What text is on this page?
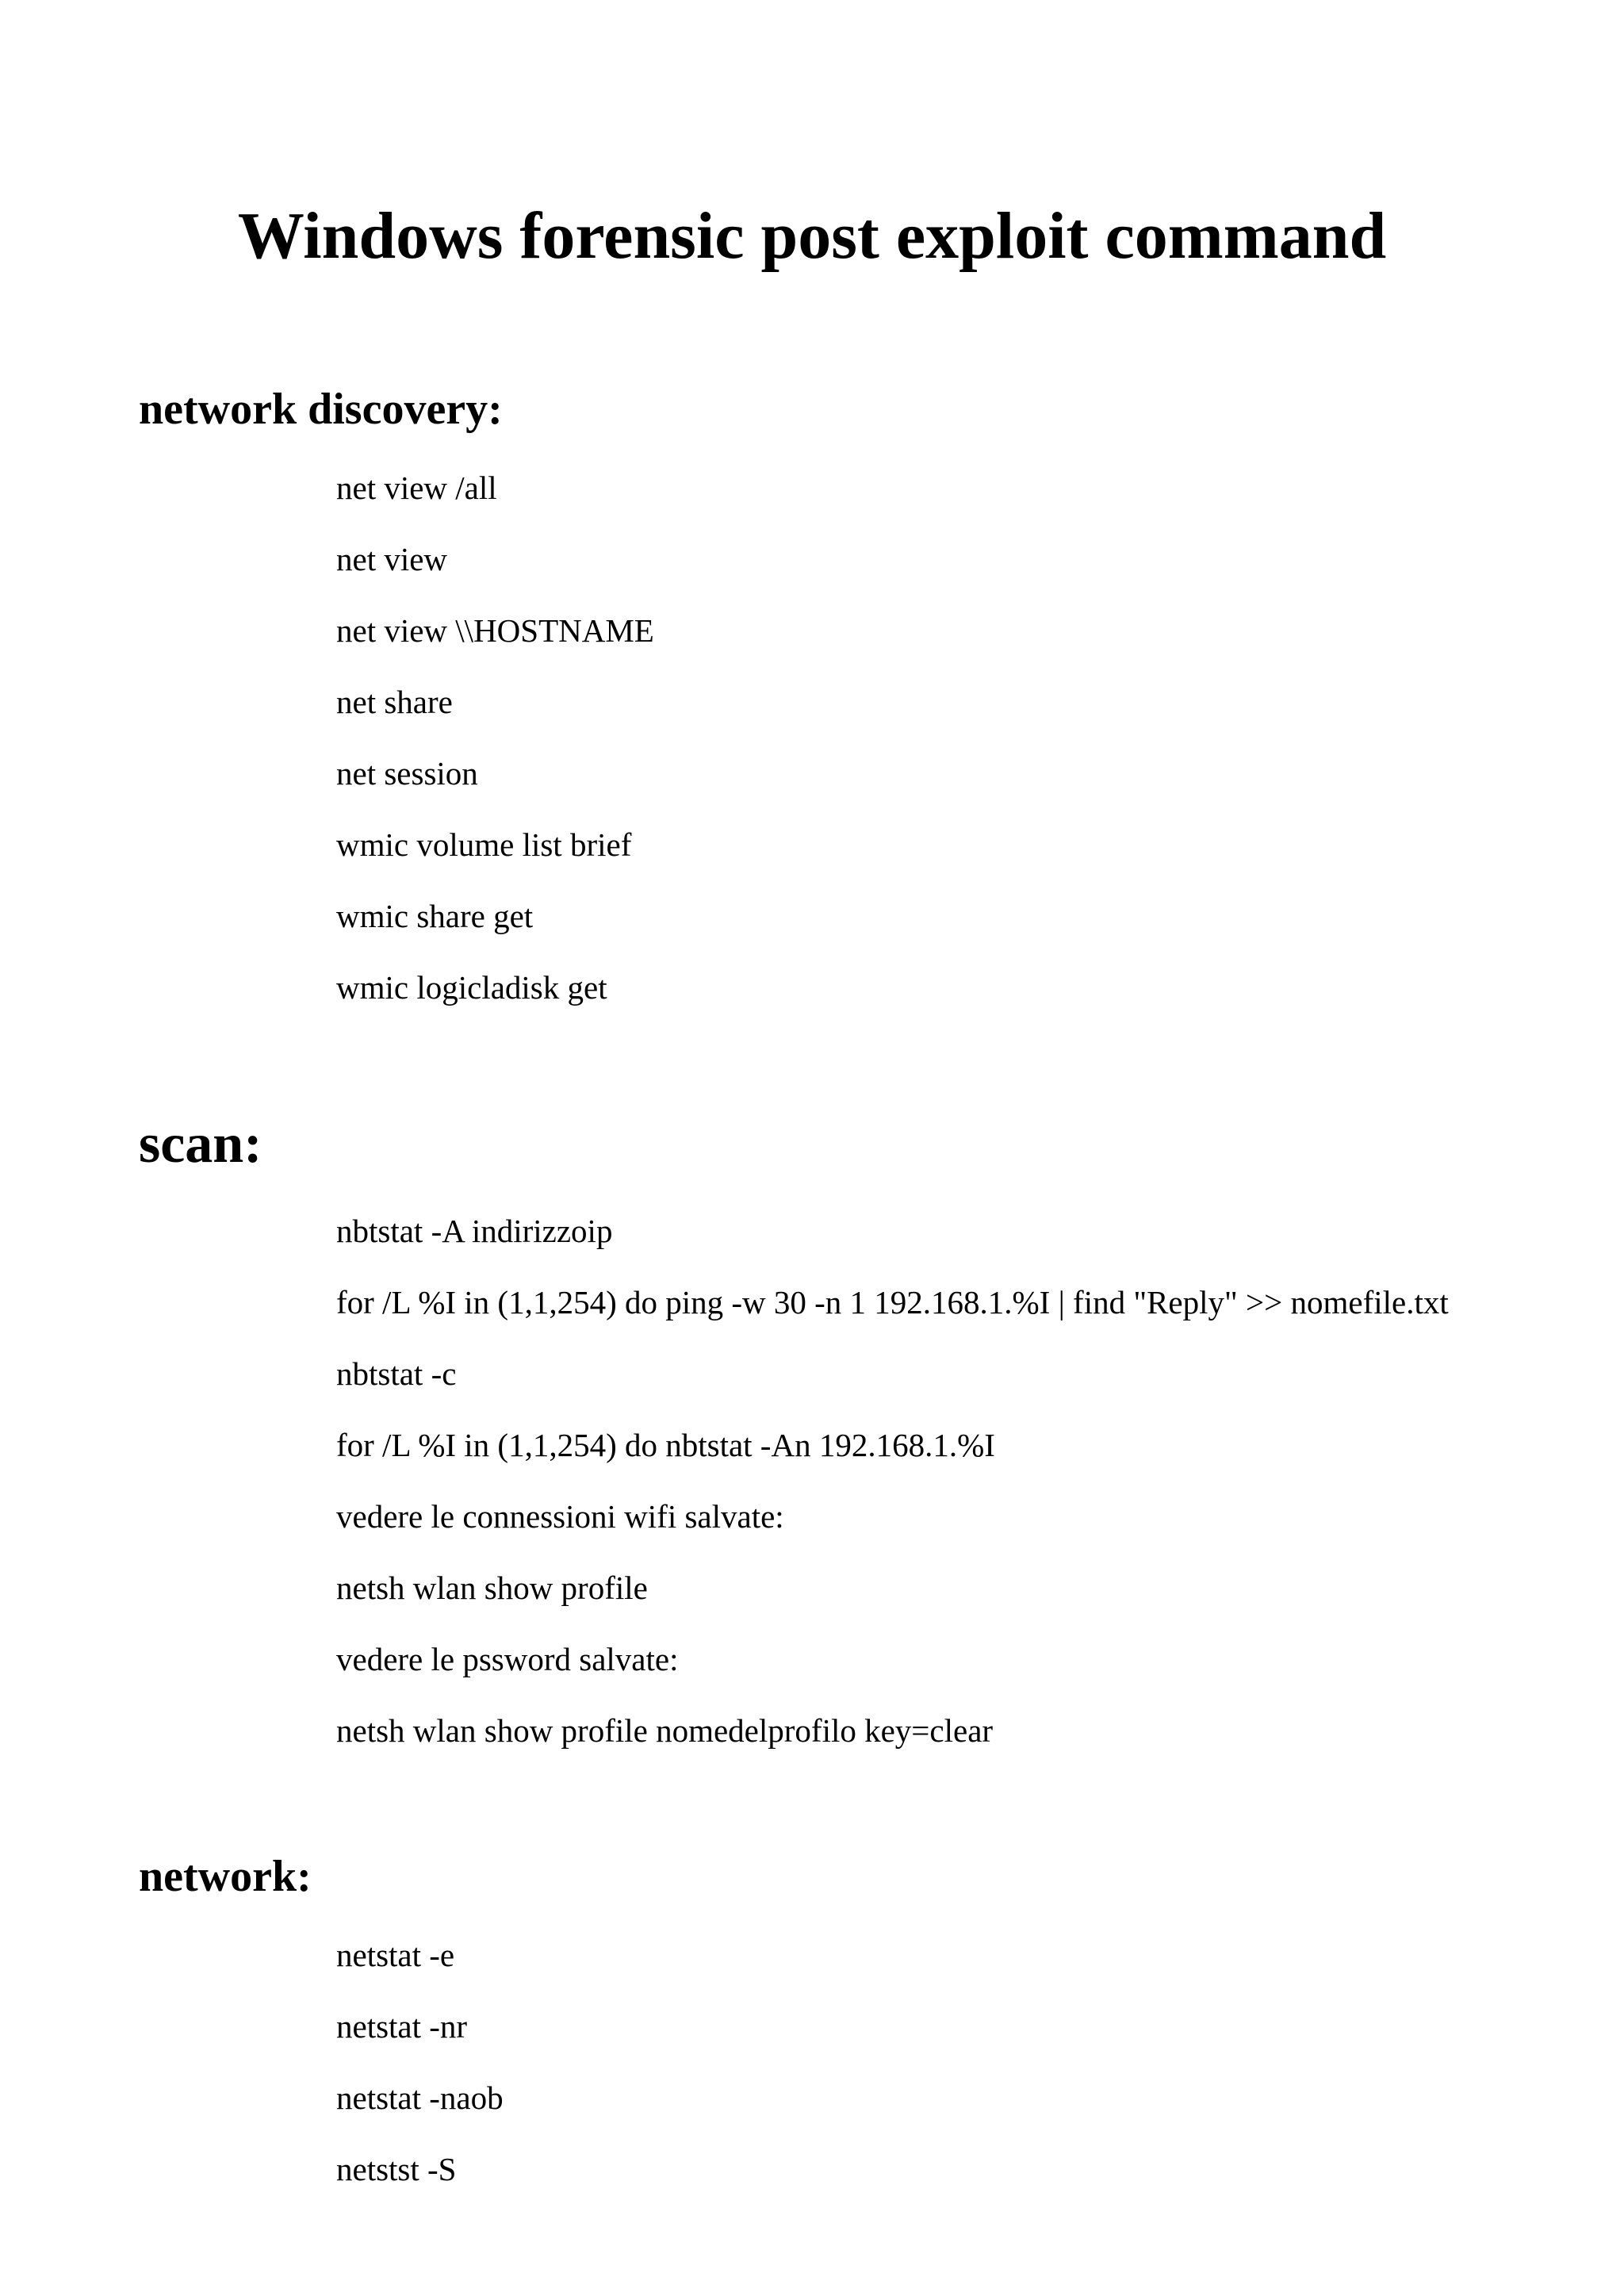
Windows forensic post exploit command
network discovery:
net view /all
net view
net view \\HOSTNAME
net share
net session
wmic volume list brief
wmic share get
wmic logicladisk get
scan:
nbtstat -A indirizzoip
for /L %I in (1,1,254) do ping -w 30 -n 1 192.168.1.%I | find "Reply" >> nomefile.txt
nbtstat -c
for /L %I in (1,1,254) do nbtstat -An 192.168.1.%I
vedere le connessioni wifi salvate:
netsh wlan show profile
vedere le pssword salvate:
netsh wlan show profile nomedelprofilo key=clear
network:
netstat -e
netstat -nr
netstat -naob
netstst -S
